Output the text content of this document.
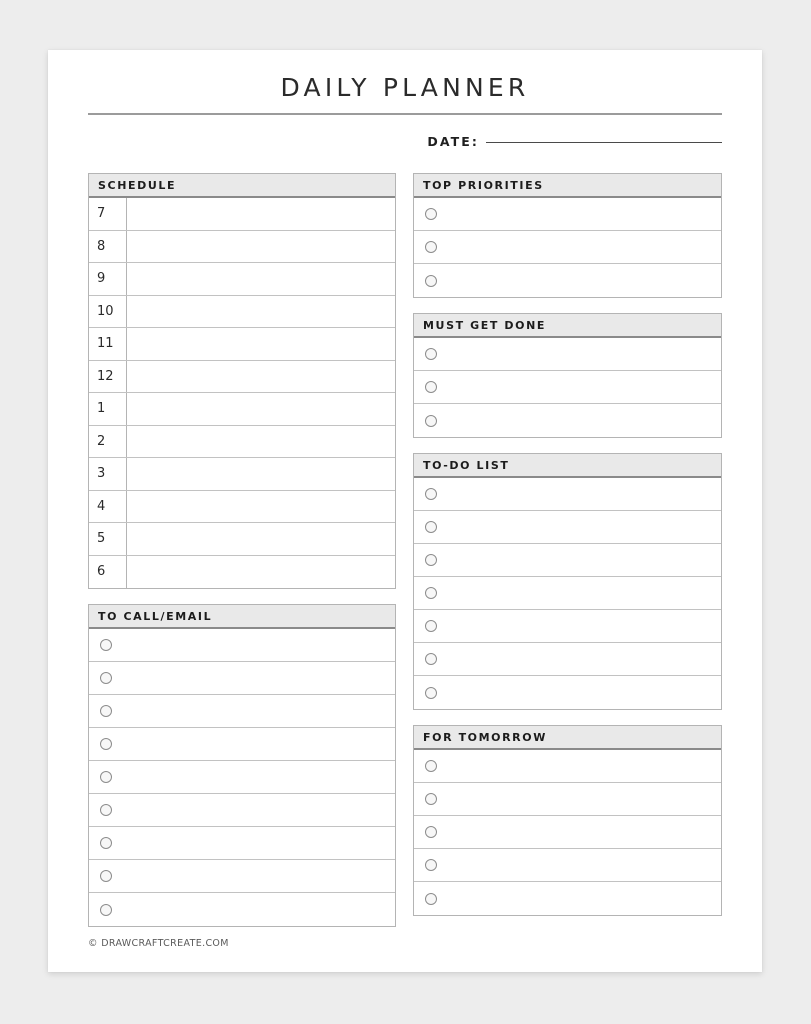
DAILY PLANNER
DATE:
SCHEDULE
7
8
9
10
11
12
1
2
3
4
5
6
TO CALL/EMAIL
TOP PRIORITIES
MUST GET DONE
TO-DO LIST
FOR TOMORROW
© DRAWCRAFTCREATE.COM
